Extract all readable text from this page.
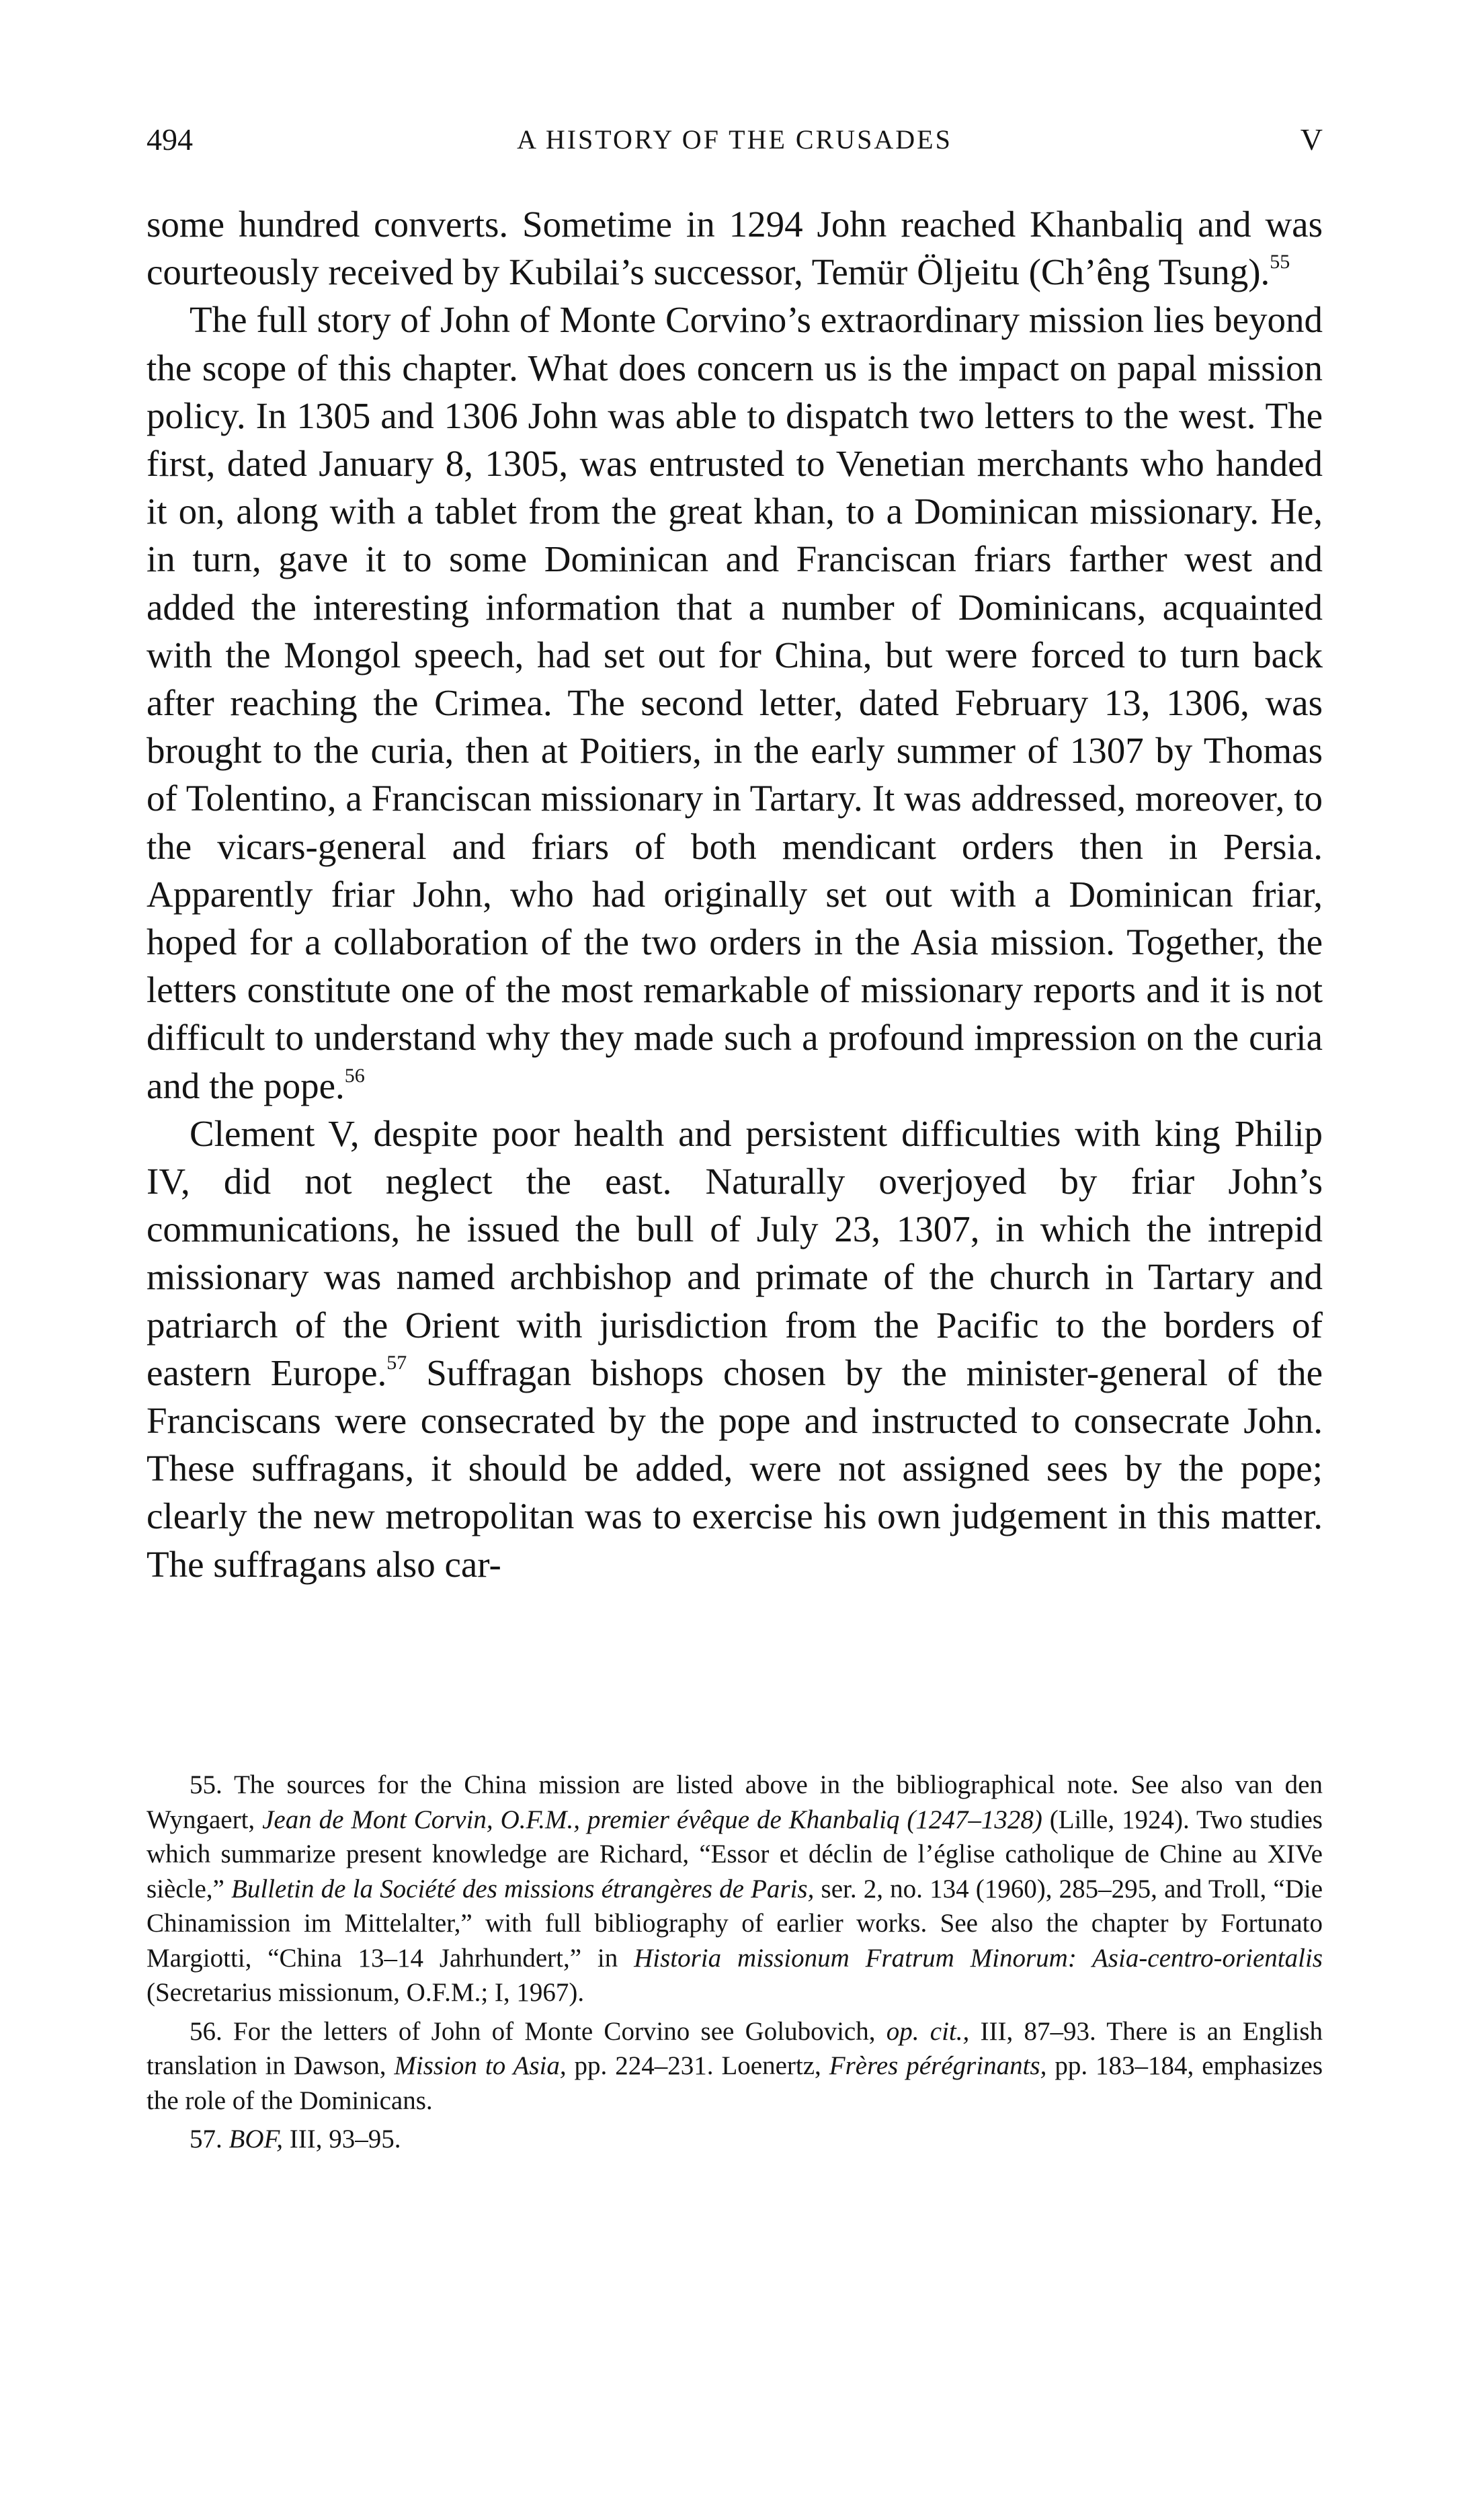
494	A HISTORY OF THE CRUSADES	V

some hundred converts. Sometime in 1294 John reached Khanbaliq and was courteously received by Kubilai’s successor, Temür Öljeitu (Ch’êng Tsung).$^{55}$

The full story of John of Monte Corvino’s extraordinary mission lies beyond the scope of this chapter. What does concern us is the impact on papal mission policy. In 1305 and 1306 John was able to dispatch two letters to the west. The first, dated January 8, 1305, was entrusted to Venetian merchants who handed it on, along with a tablet from the great khan, to a Dominican missionary. He, in turn, gave it to some Dominican and Franciscan friars farther west and added the interesting information that a number of Dominicans, acquainted with the Mongol speech, had set out for China, but were forced to turn back after reaching the Crimea. The second letter, dated February 13, 1306, was brought to the curia, then at Poitiers, in the early summer of 1307 by Thomas of Tolentino, a Franciscan missionary in Tartary. It was addressed, moreover, to the vicars-general and friars of both mendicant orders then in Persia. Apparently friar John, who had originally set out with a Dominican friar, hoped for a collaboration of the two orders in the Asia mission. Together, the letters constitute one of the most remarkable of missionary reports and it is not difficult to understand why they made such a profound impression on the curia and the pope.$^{56}$

Clement V, despite poor health and persistent difficulties with king Philip IV, did not neglect the east. Naturally overjoyed by friar John’s communications, he issued the bull of July 23, 1307, in which the intrepid missionary was named archbishop and primate of the church in Tartary and patriarch of the Orient with jurisdiction from the Pacific to the borders of eastern Europe.$^{57}$ Suffragan bishops chosen by the minister-general of the Franciscans were consecrated by the pope and instructed to consecrate John. These suffragans, it should be added, were not assigned sees by the pope; clearly the new metropolitan was to exercise his own judgement in this matter. The suffragans also car-

55. The sources for the China mission are listed above in the bibliographical note. See also van den Wyngaert, Jean de Mont Corvin, O.F.M., premier évêque de Khanbaliq (1247–1328) (Lille, 1924). Two studies which summarize present knowledge are Richard, “Essor et déclin de l’église catholique de Chine au XIVe siècle,” Bulletin de la Société des missions étrangères de Paris, ser. 2, no. 134 (1960), 285–295, and Troll, “Die Chinamission im Mittelalter,” with full bibliography of earlier works. See also the chapter by Fortunato Margiotti, “China 13–14 Jahrhundert,” in Historia missionum Fratrum Minorum: Asia-centro-orientalis (Secretarius missionum, O.F.M.; I, 1967).

56. For the letters of John of Monte Corvino see Golubovich, op. cit., III, 87–93. There is an English translation in Dawson, Mission to Asia, pp. 224–231. Loenertz, Frères pérégrinants, pp. 183–184, emphasizes the role of the Dominicans.

57. BOF, III, 93–95.
